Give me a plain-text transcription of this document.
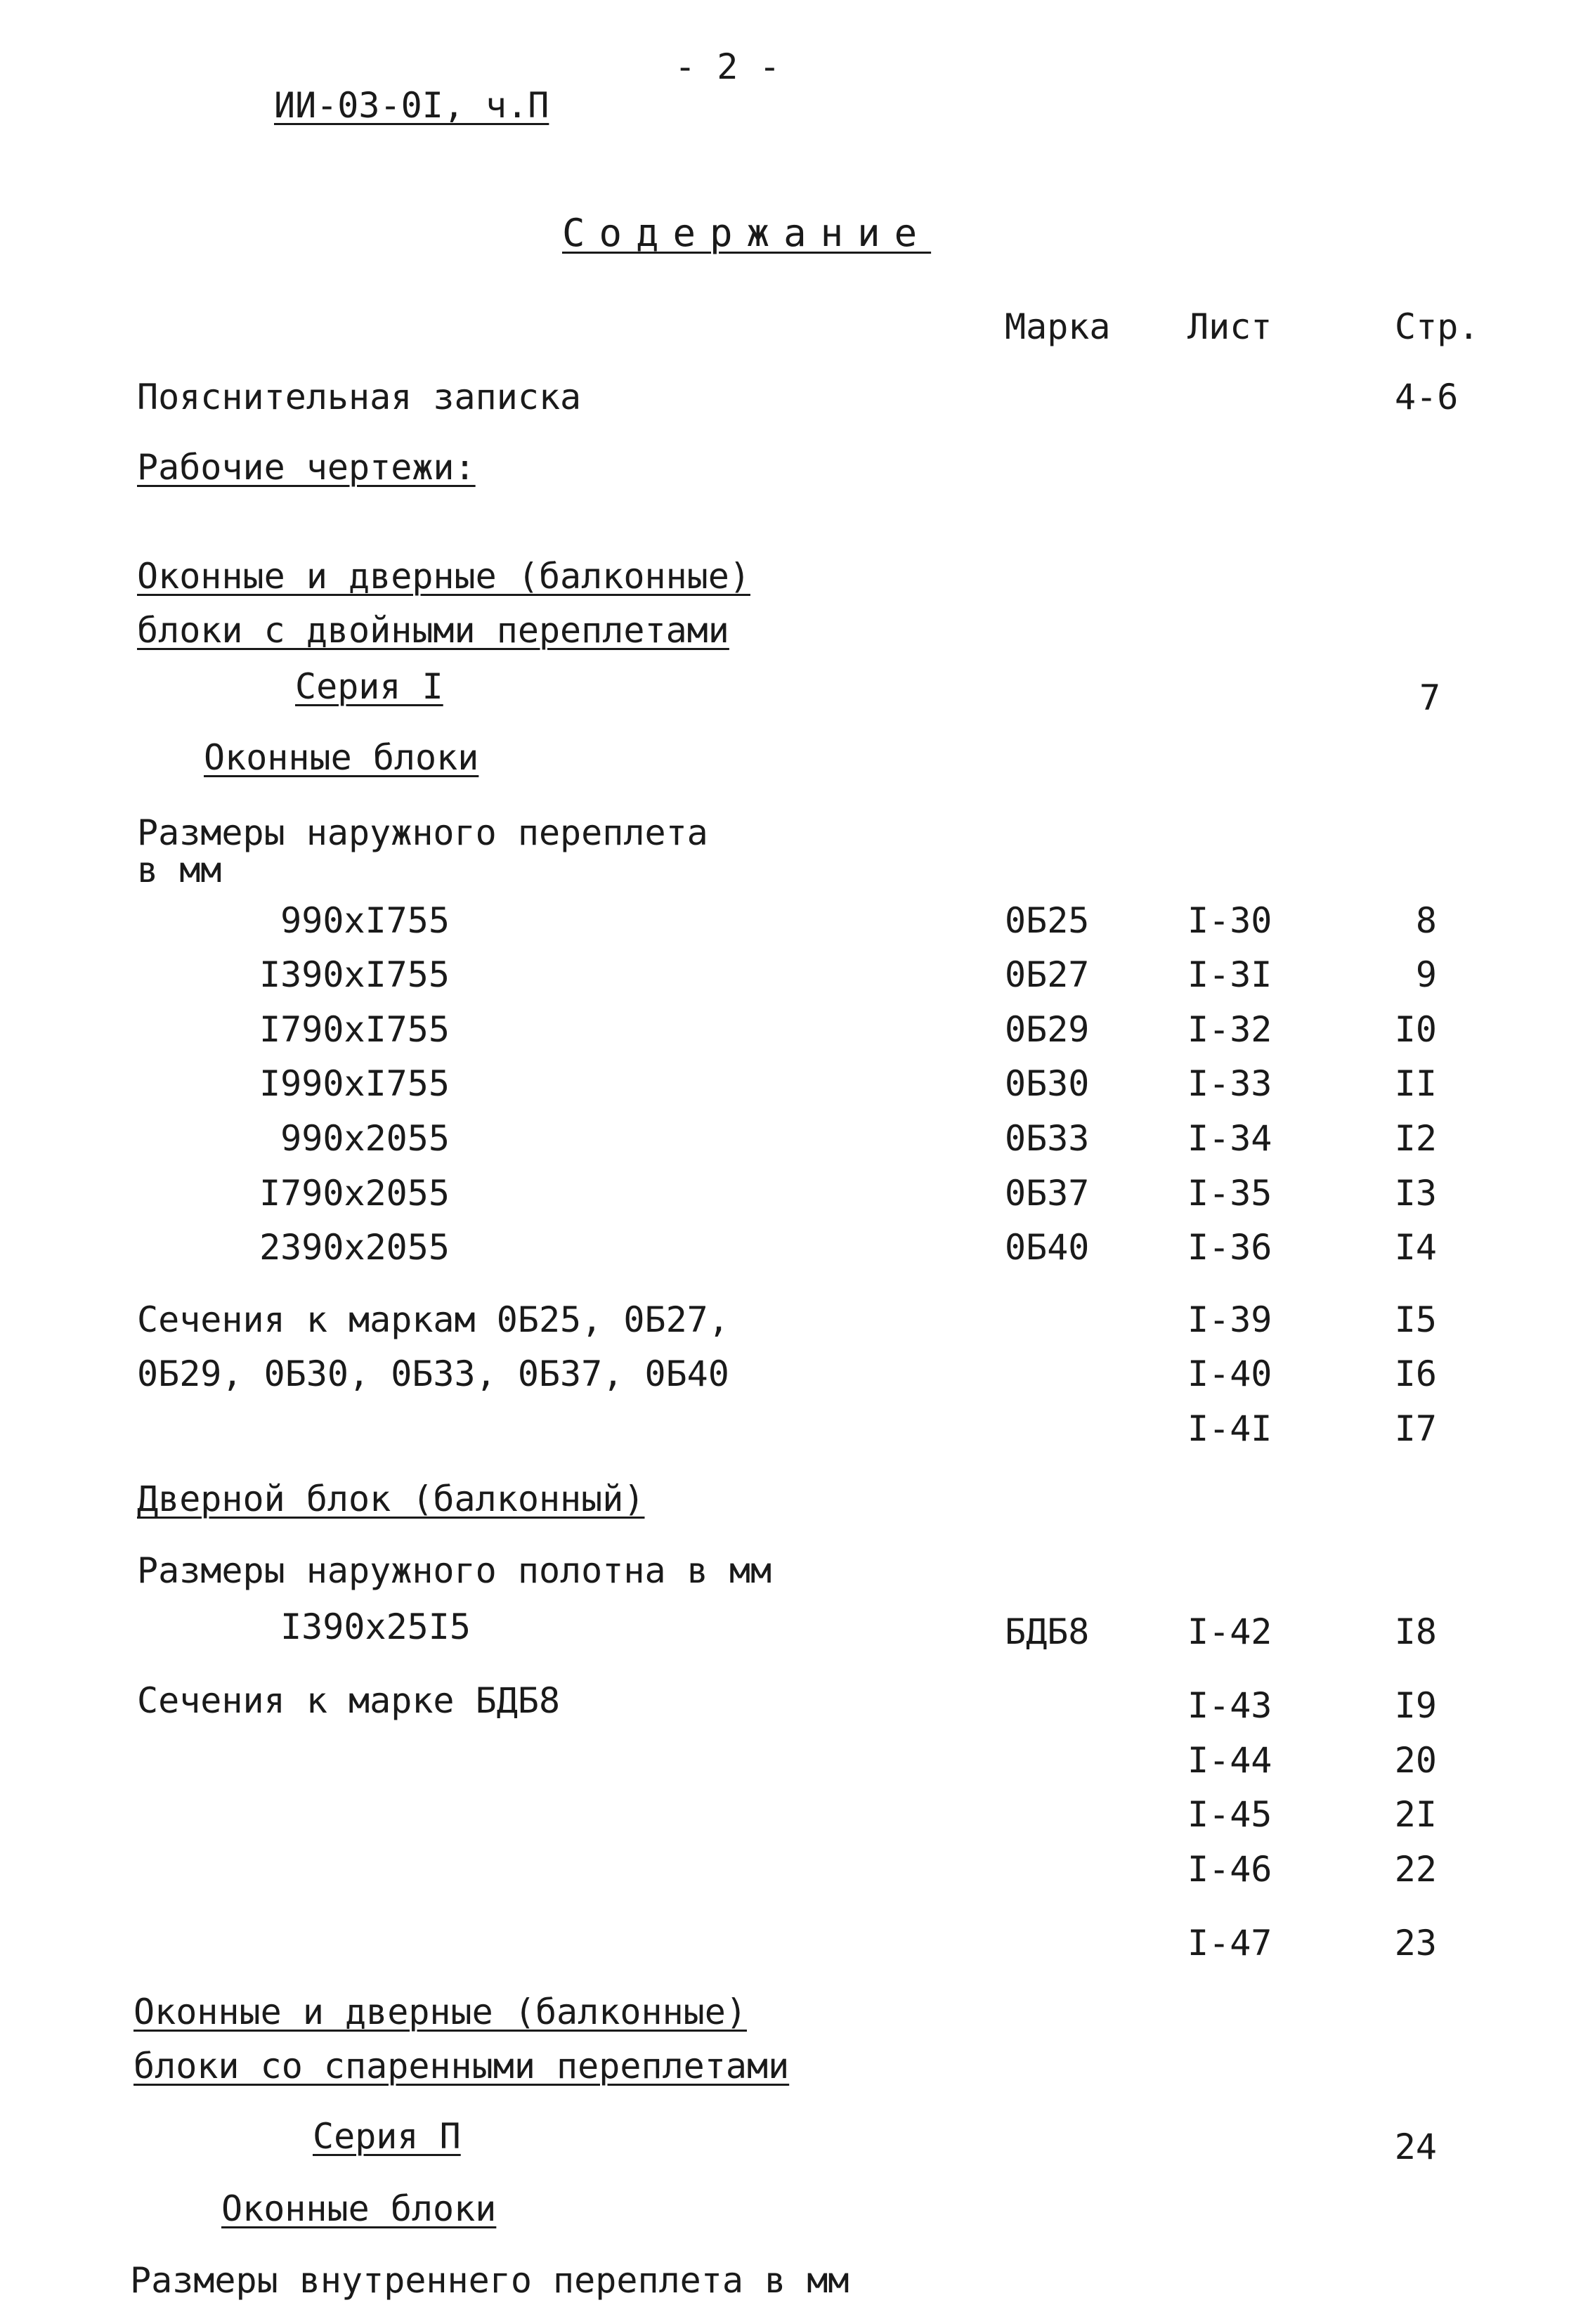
- 2 -
ИИ-03-0I, ч.П
Содержание
Марка Лист	Стр.
Пояснительная записка	4-6
Рабочие чертежи:
Оконные и дверные (балконные)
блоки с двойными переплетами
Серия I	7
Оконные блоки
Размеры наружного переплета
в мм
990xI755	0Б25	I-30	8
I390xI755	0Б27	I-3I	9
I790xI755	0Б29	I-32	I0
I990xI755	0Б30	I-33	II
990x2055	0Б33	I-34	I2
I790x2055	0Б37	I-35	I3
2390x2055	0Б40	I-36	I4
Сечения к маркам 0Б25, 0Б27,
0Б29, 0Б30, 0Б33, 0Б37, 0Б40
I-39	I5
I-40	I6
I-4I	I7
Дверной блок (балконный)
Размеры наружного полотна в мм
I390x25I5	БДБ8	I-42	I8
Сечения к марке БДБ8	I-43	I9
I-44	20
I-45	2I
I-46	22
I-47	23
Оконные и дверные (балконные)
блоки со спаренными переплетами
Серия П	24
Оконные блоки
Размеры внутреннего переплета в мм
